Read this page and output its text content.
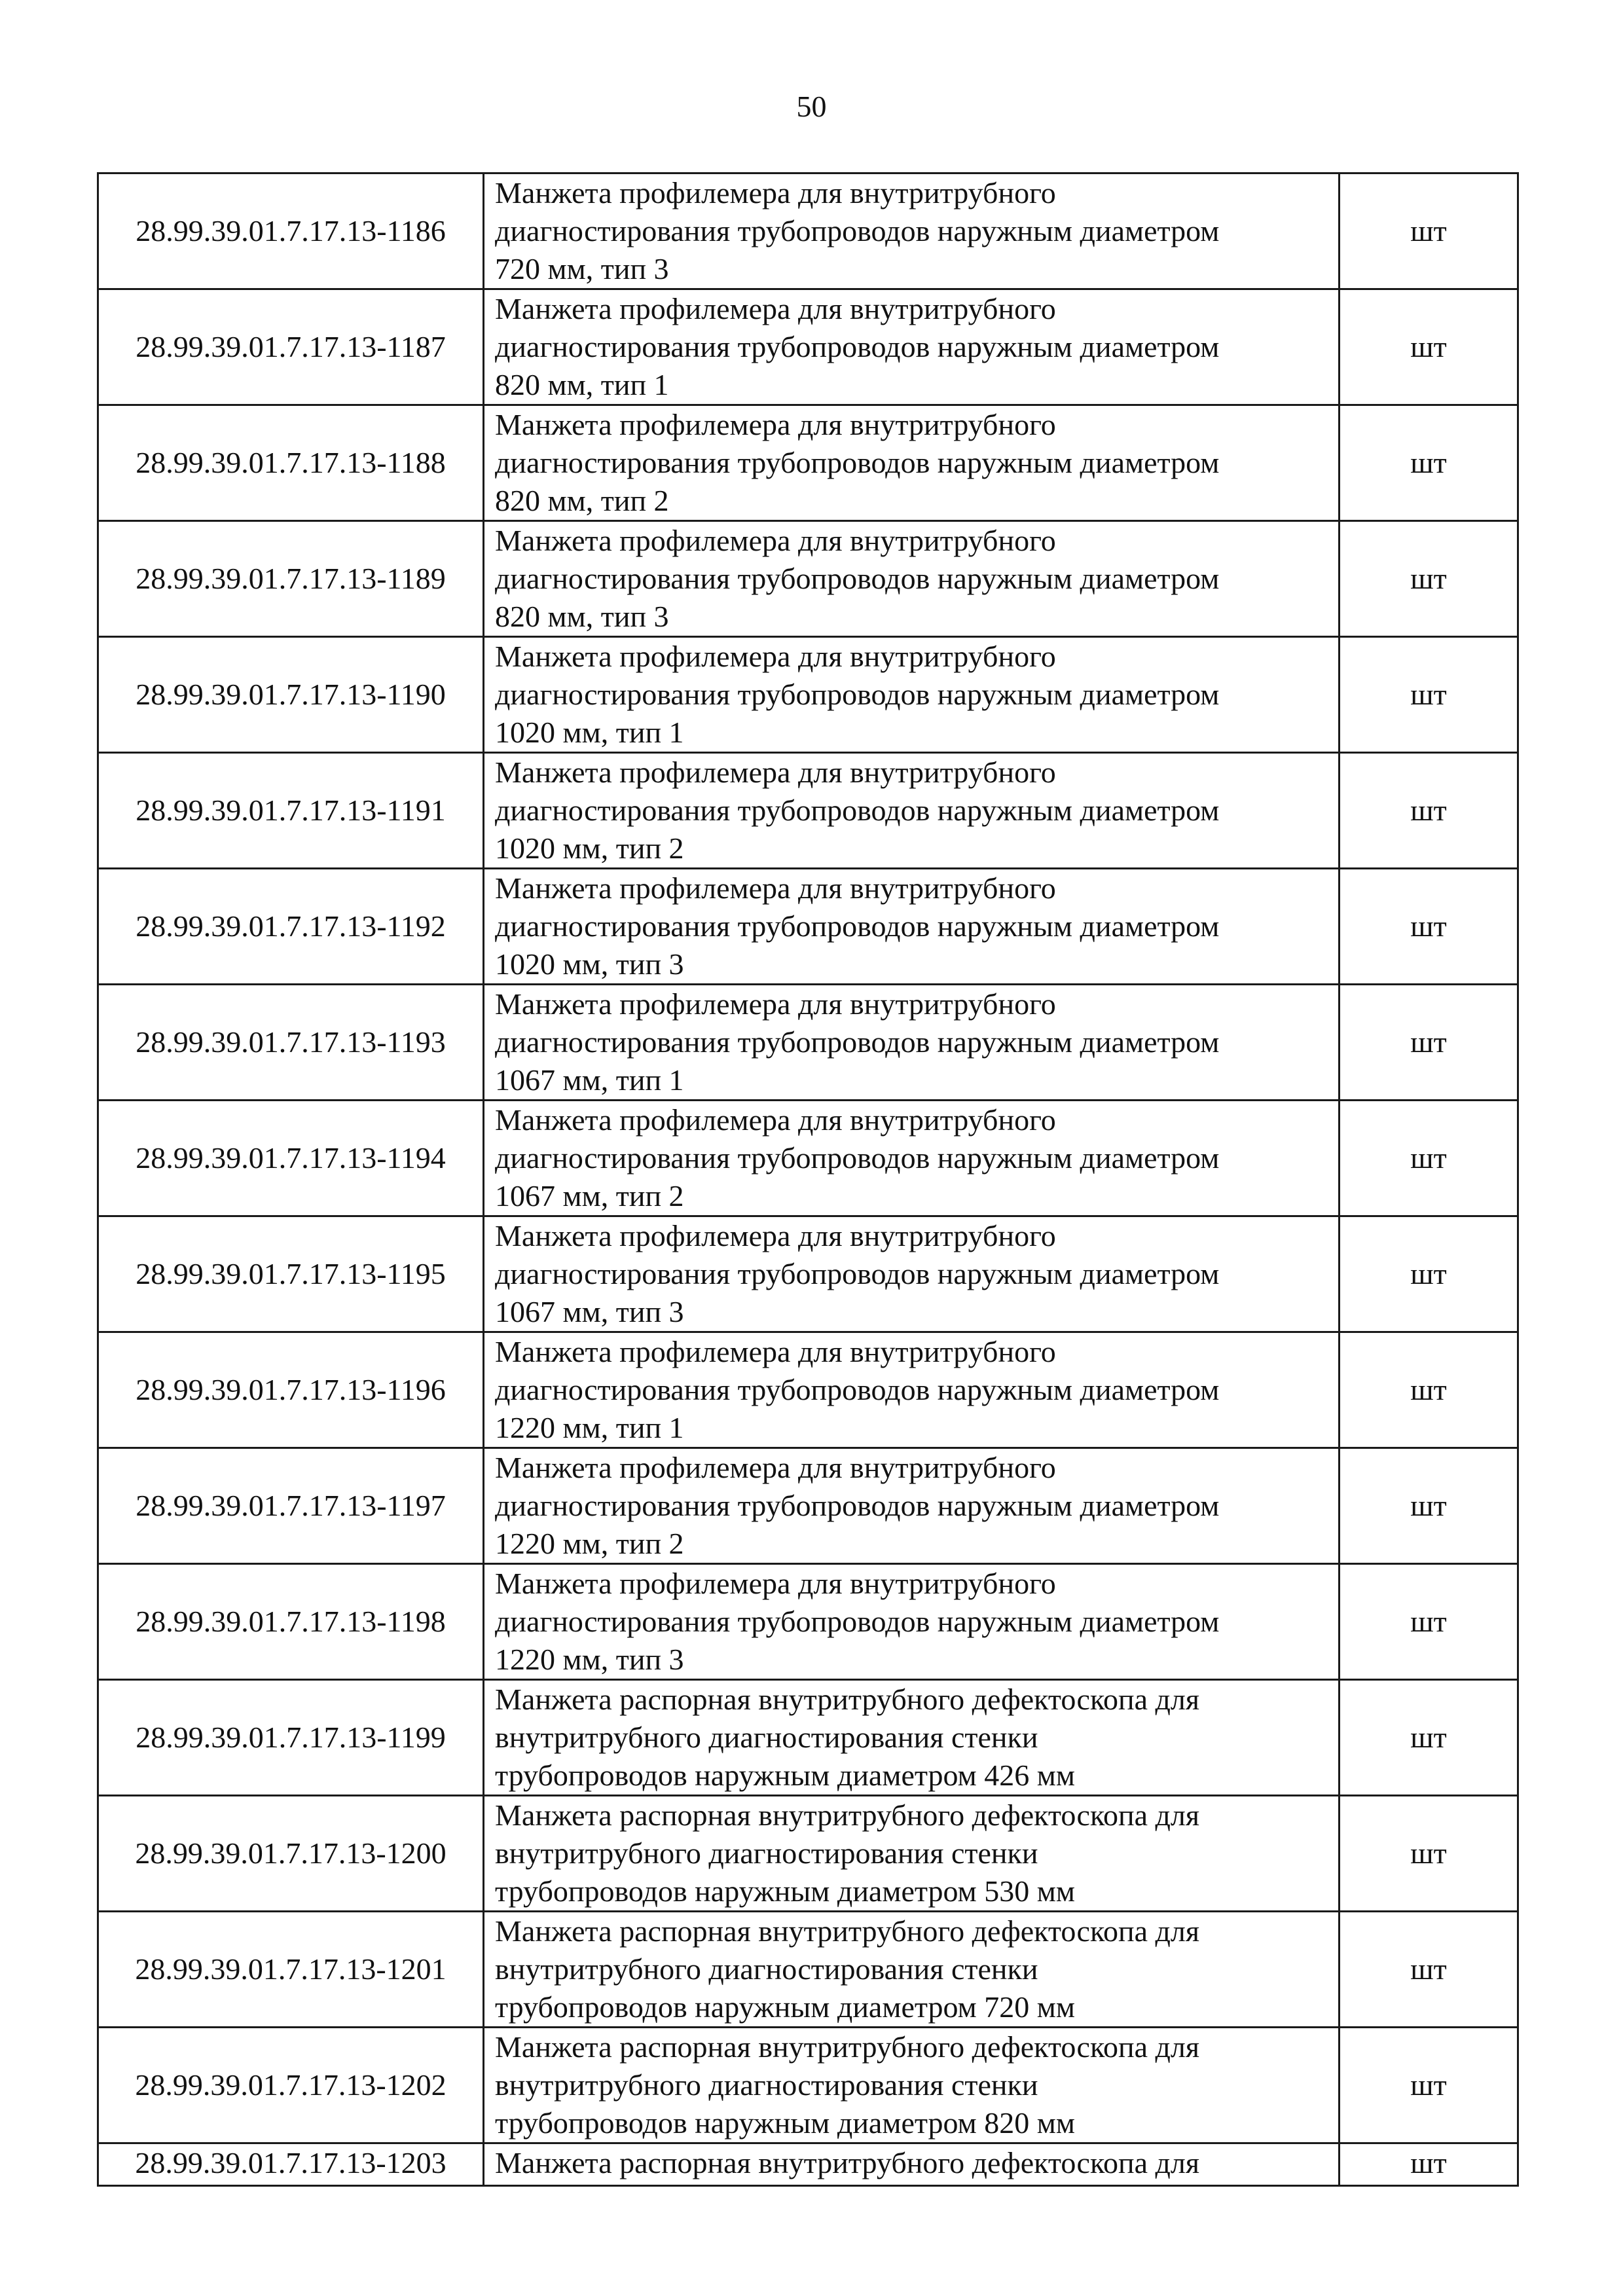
50
28.99.39.01.7.17.13-1186	Манжета профилемера для внутритрубного
диагностирования трубопроводов наружным диаметром
720 мм, тип 3	шт
28.99.39.01.7.17.13-1187	Манжета профилемера для внутритрубного
диагностирования трубопроводов наружным диаметром
820 мм, тип 1	шт
28.99.39.01.7.17.13-1188	Манжета профилемера для внутритрубного
диагностирования трубопроводов наружным диаметром
820 мм, тип 2	шт
28.99.39.01.7.17.13-1189	Манжета профилемера для внутритрубного
диагностирования трубопроводов наружным диаметром
820 мм, тип 3	шт
28.99.39.01.7.17.13-1190	Манжета профилемера для внутритрубного
диагностирования трубопроводов наружным диаметром
1020 мм, тип 1	шт
28.99.39.01.7.17.13-1191	Манжета профилемера для внутритрубного
диагностирования трубопроводов наружным диаметром
1020 мм, тип 2	шт
28.99.39.01.7.17.13-1192	Манжета профилемера для внутритрубного
диагностирования трубопроводов наружным диаметром
1020 мм, тип 3	шт
28.99.39.01.7.17.13-1193	Манжета профилемера для внутритрубного
диагностирования трубопроводов наружным диаметром
1067 мм, тип 1	шт
28.99.39.01.7.17.13-1194	Манжета профилемера для внутритрубного
диагностирования трубопроводов наружным диаметром
1067 мм, тип 2	шт
28.99.39.01.7.17.13-1195	Манжета профилемера для внутритрубного
диагностирования трубопроводов наружным диаметром
1067 мм, тип 3	шт
28.99.39.01.7.17.13-1196	Манжета профилемера для внутритрубного
диагностирования трубопроводов наружным диаметром
1220 мм, тип 1	шт
28.99.39.01.7.17.13-1197	Манжета профилемера для внутритрубного
диагностирования трубопроводов наружным диаметром
1220 мм, тип 2	шт
28.99.39.01.7.17.13-1198	Манжета профилемера для внутритрубного
диагностирования трубопроводов наружным диаметром
1220 мм, тип 3	шт
28.99.39.01.7.17.13-1199	Манжета распорная внутритрубного дефектоскопа для
внутритрубного диагностирования стенки
трубопроводов наружным диаметром 426 мм	шт
28.99.39.01.7.17.13-1200	Манжета распорная внутритрубного дефектоскопа для
внутритрубного диагностирования стенки
трубопроводов наружным диаметром 530 мм	шт
28.99.39.01.7.17.13-1201	Манжета распорная внутритрубного дефектоскопа для
внутритрубного диагностирования стенки
трубопроводов наружным диаметром 720 мм	шт
28.99.39.01.7.17.13-1202	Манжета распорная внутритрубного дефектоскопа для
внутритрубного диагностирования стенки
трубопроводов наружным диаметром 820 мм	шт
28.99.39.01.7.17.13-1203	Манжета распорная внутритрубного дефектоскопа для	шт
